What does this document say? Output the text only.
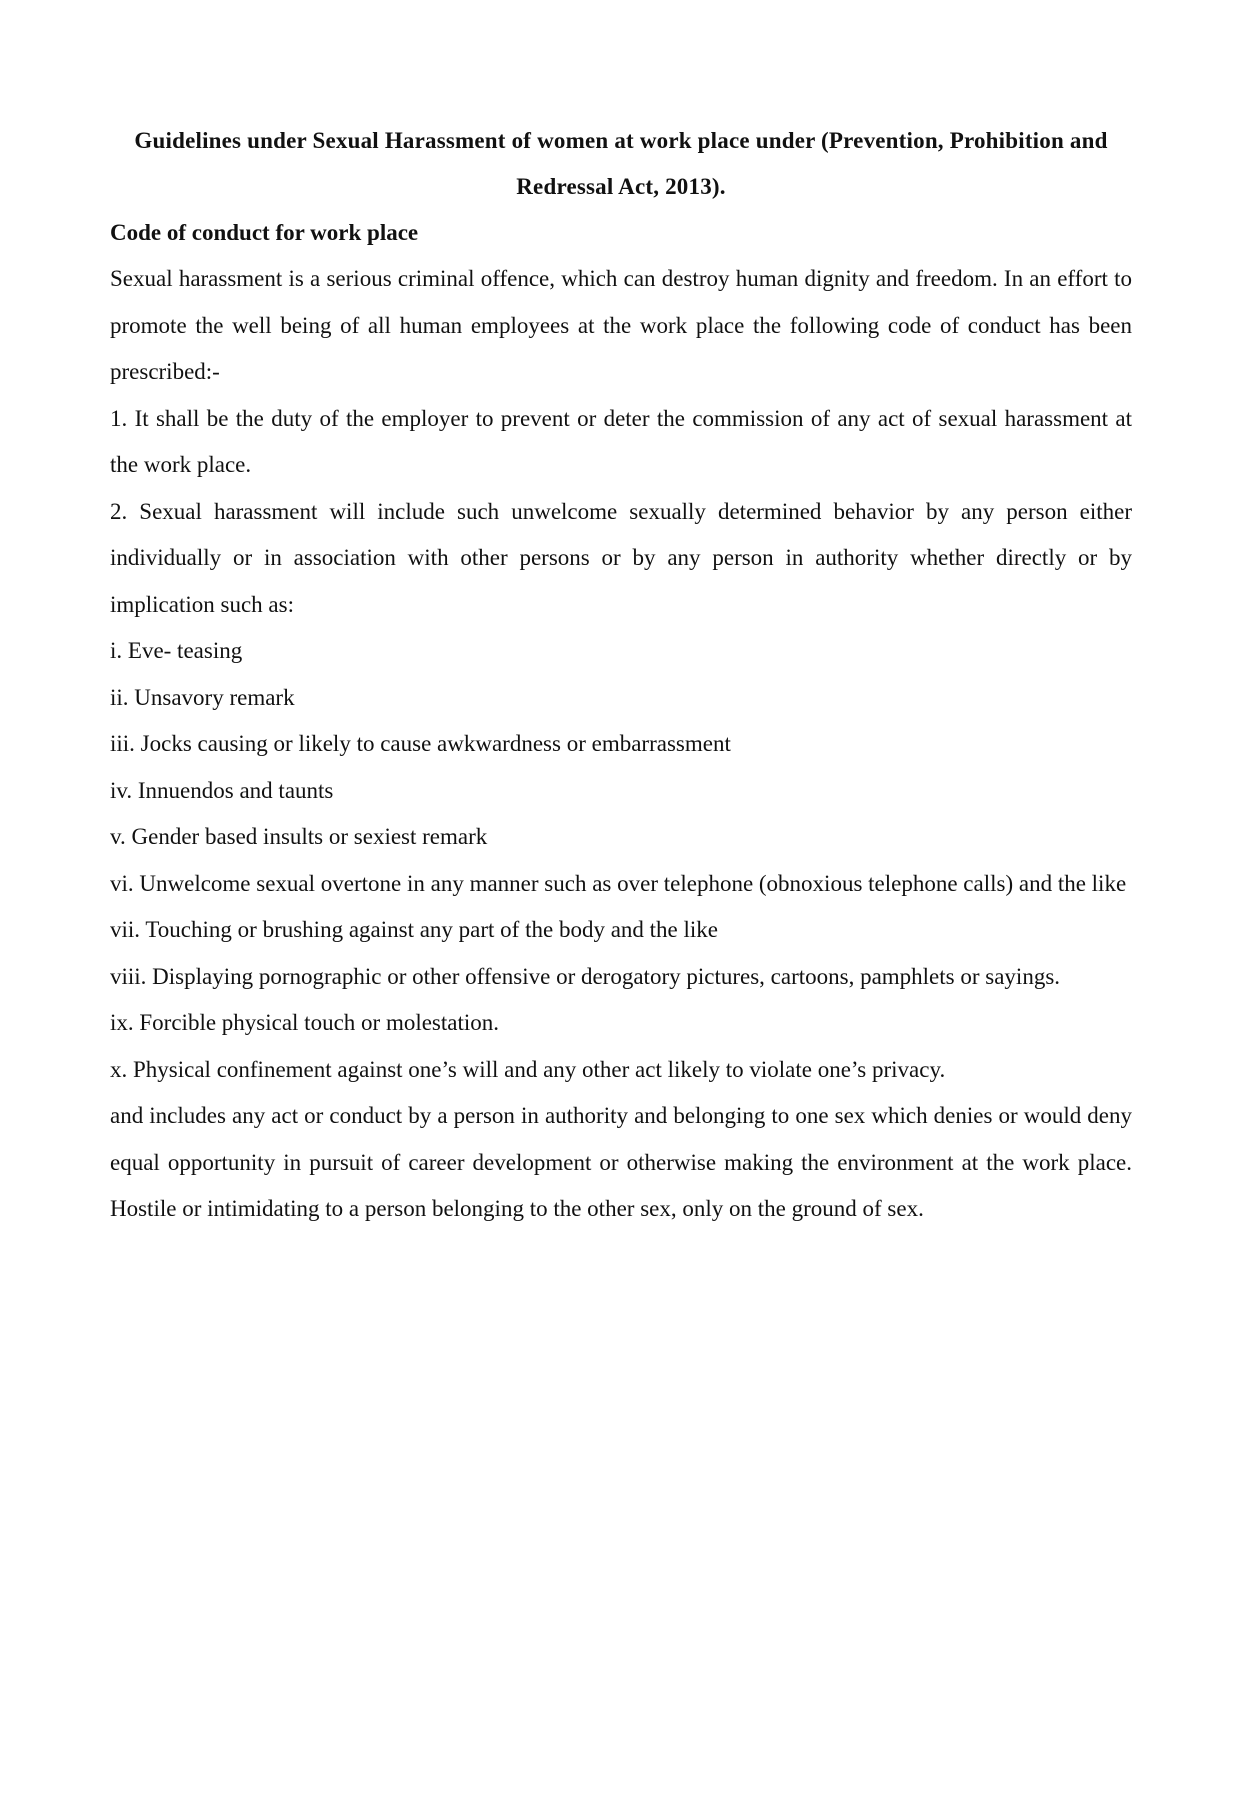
Guidelines under Sexual Harassment of women at work place under (Prevention, Prohibition and Redressal Act, 2013).

Code of conduct for work place

Sexual harassment is a serious criminal offence, which can destroy human dignity and freedom. In an effort to promote the well being of all human employees at the work place the following code of conduct has been prescribed:-

1. It shall be the duty of the employer to prevent or deter the commission of any act of sexual harassment at the work place.

2. Sexual harassment will include such unwelcome sexually determined behavior by any person either individually or in association with other persons or by any person in authority whether directly or by implication such as:

i. Eve- teasing

ii. Unsavory remark

iii. Jocks causing or likely to cause awkwardness or embarrassment

iv. Innuendos and taunts

v. Gender based insults or sexiest remark

vi. Unwelcome sexual overtone in any manner such as over telephone (obnoxious telephone calls) and the like

vii. Touching or brushing against any part of the body and the like

viii. Displaying pornographic or other offensive or derogatory pictures, cartoons, pamphlets or sayings.

ix. Forcible physical touch or molestation.

x. Physical confinement against one’s will and any other act likely to violate one’s privacy.

and includes any act or conduct by a person in authority and belonging to one sex which denies or would deny equal opportunity in pursuit of career development or otherwise making the environment at the work place. Hostile or intimidating to a person belonging to the other sex, only on the ground of sex.
